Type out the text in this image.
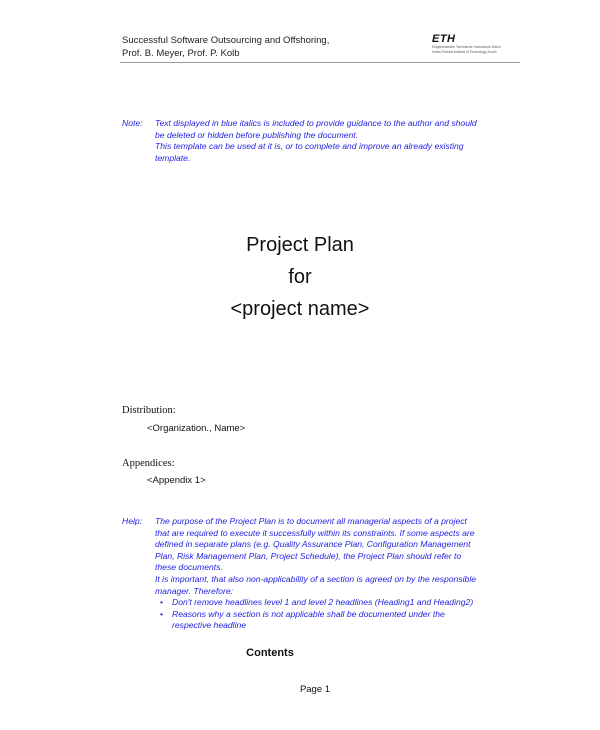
Successful Software Outsourcing and Offshoring,
Prof. B. Meyer, Prof. P. Kolb
ETH
Eidgenössische Technische Hochschule Zürich
Swiss Federal Institute of Technology Zurich
Note: Text displayed in blue italics is included to provide guidance to the author and should
be deleted or hidden before publishing the document.
This template can be used at it is, or to complete and improve an already existing
template.
Project Plan
for
<project name>
Distribution:
<Organization., Name>
Appendices:
<Appendix 1>
Help: The purpose of the Project Plan is to document all managerial aspects of a project
that are required to execute it successfully within its constraints. If some aspects are
defined in separate plans (e.g. Quality Assurance Plan, Configuration Management
Plan, Risk Management Plan, Project Schedule), the Project Plan should refer to
these documents.
It is important, that also non-applicability of a section is agreed on by the responsible
manager. Therefore:
• Don't remove headlines level 1 and level 2 headlines (Heading1 and Heading2)
• Reasons why a section is not applicable shall be documented under the
respective headline
Contents
Page 1
